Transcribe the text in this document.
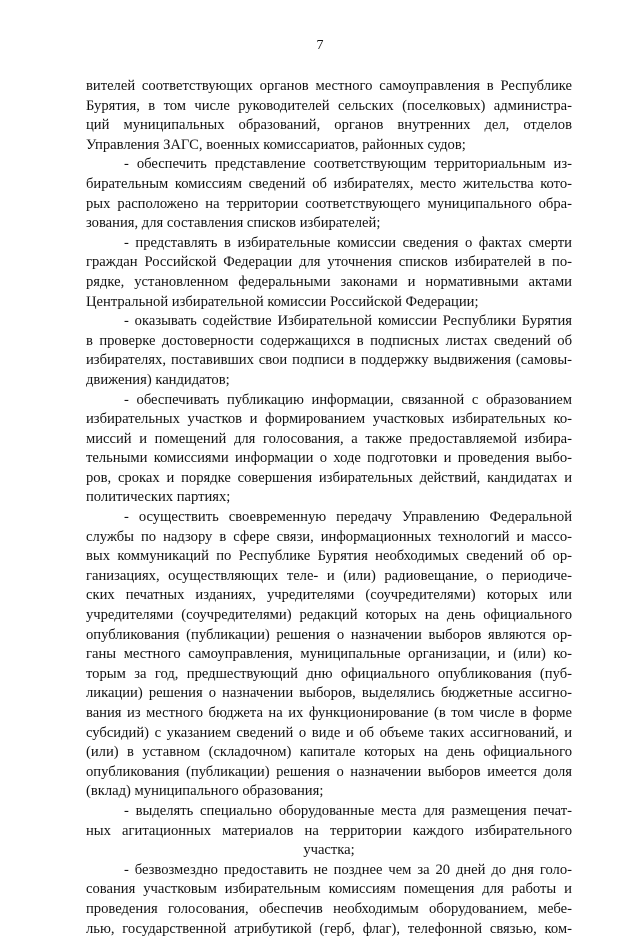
7
вителей соответствующих органов местного самоуправления в Республике
Бурятия, в том числе руководителей сельских (поселковых) администра-
ций муниципальных образований, органов внутренних дел, отделов
Управления ЗАГС, военных комиссариатов, районных судов;
- обеспечить представление соответствующим территориальным из-
бирательным комиссиям сведений об избирателях, место жительства кото-
рых расположено на территории соответствующего муниципального обра-
зования, для составления списков избирателей;
- представлять в избирательные комиссии сведения о фактах смерти
граждан Российской Федерации для уточнения списков избирателей в по-
рядке, установленном федеральными законами и нормативными актами
Центральной избирательной комиссии Российской Федерации;
- оказывать содействие Избирательной комиссии Республики Бурятия
в проверке достоверности содержащихся в подписных листах сведений об
избирателях, поставивших свои подписи в поддержку выдвижения (самовы-
движения) кандидатов;
- обеспечивать публикацию информации, связанной с образованием
избирательных участков и формированием участковых избирательных ко-
миссий и помещений для голосования, а также предоставляемой избира-
тельными комиссиями информации о ходе подготовки и проведения выбо-
ров, сроках и порядке совершения избирательных действий, кандидатах и
политических партиях;
- осуществить своевременную передачу Управлению Федеральной
службы по надзору в сфере связи, информационных технологий и массо-
вых коммуникаций по Республике Бурятия необходимых сведений об ор-
ганизациях, осуществляющих теле- и (или) радиовещание, о периодиче-
ских печатных изданиях, учредителями (соучредителями) которых или
учредителями (соучредителями) редакций которых на день официального
опубликования (публикации) решения о назначении выборов являются ор-
ганы местного самоуправления, муниципальные организации, и (или) ко-
торым за год, предшествующий дню официального опубликования (пуб-
ликации) решения о назначении выборов, выделялись бюджетные ассигно-
вания из местного бюджета на их функционирование (в том числе в форме
субсидий) с указанием сведений о виде и об объеме таких ассигнований, и
(или) в уставном (складочном) капитале которых на день официального
опубликования (публикации) решения о назначении выборов имеется доля
(вклад) муниципального образования;
- выделять специально оборудованные места для размещения печат-
ных агитационных материалов на территории каждого избирательного
участка;
- безвозмездно предоставить не позднее чем за 20 дней до дня голо-
сования участковым избирательным комиссиям помещения для работы и
проведения голосования, обеспечив необходимым оборудованием, мебе-
лью, государственной атрибутикой (герб, флаг), телефонной связью, ком-
